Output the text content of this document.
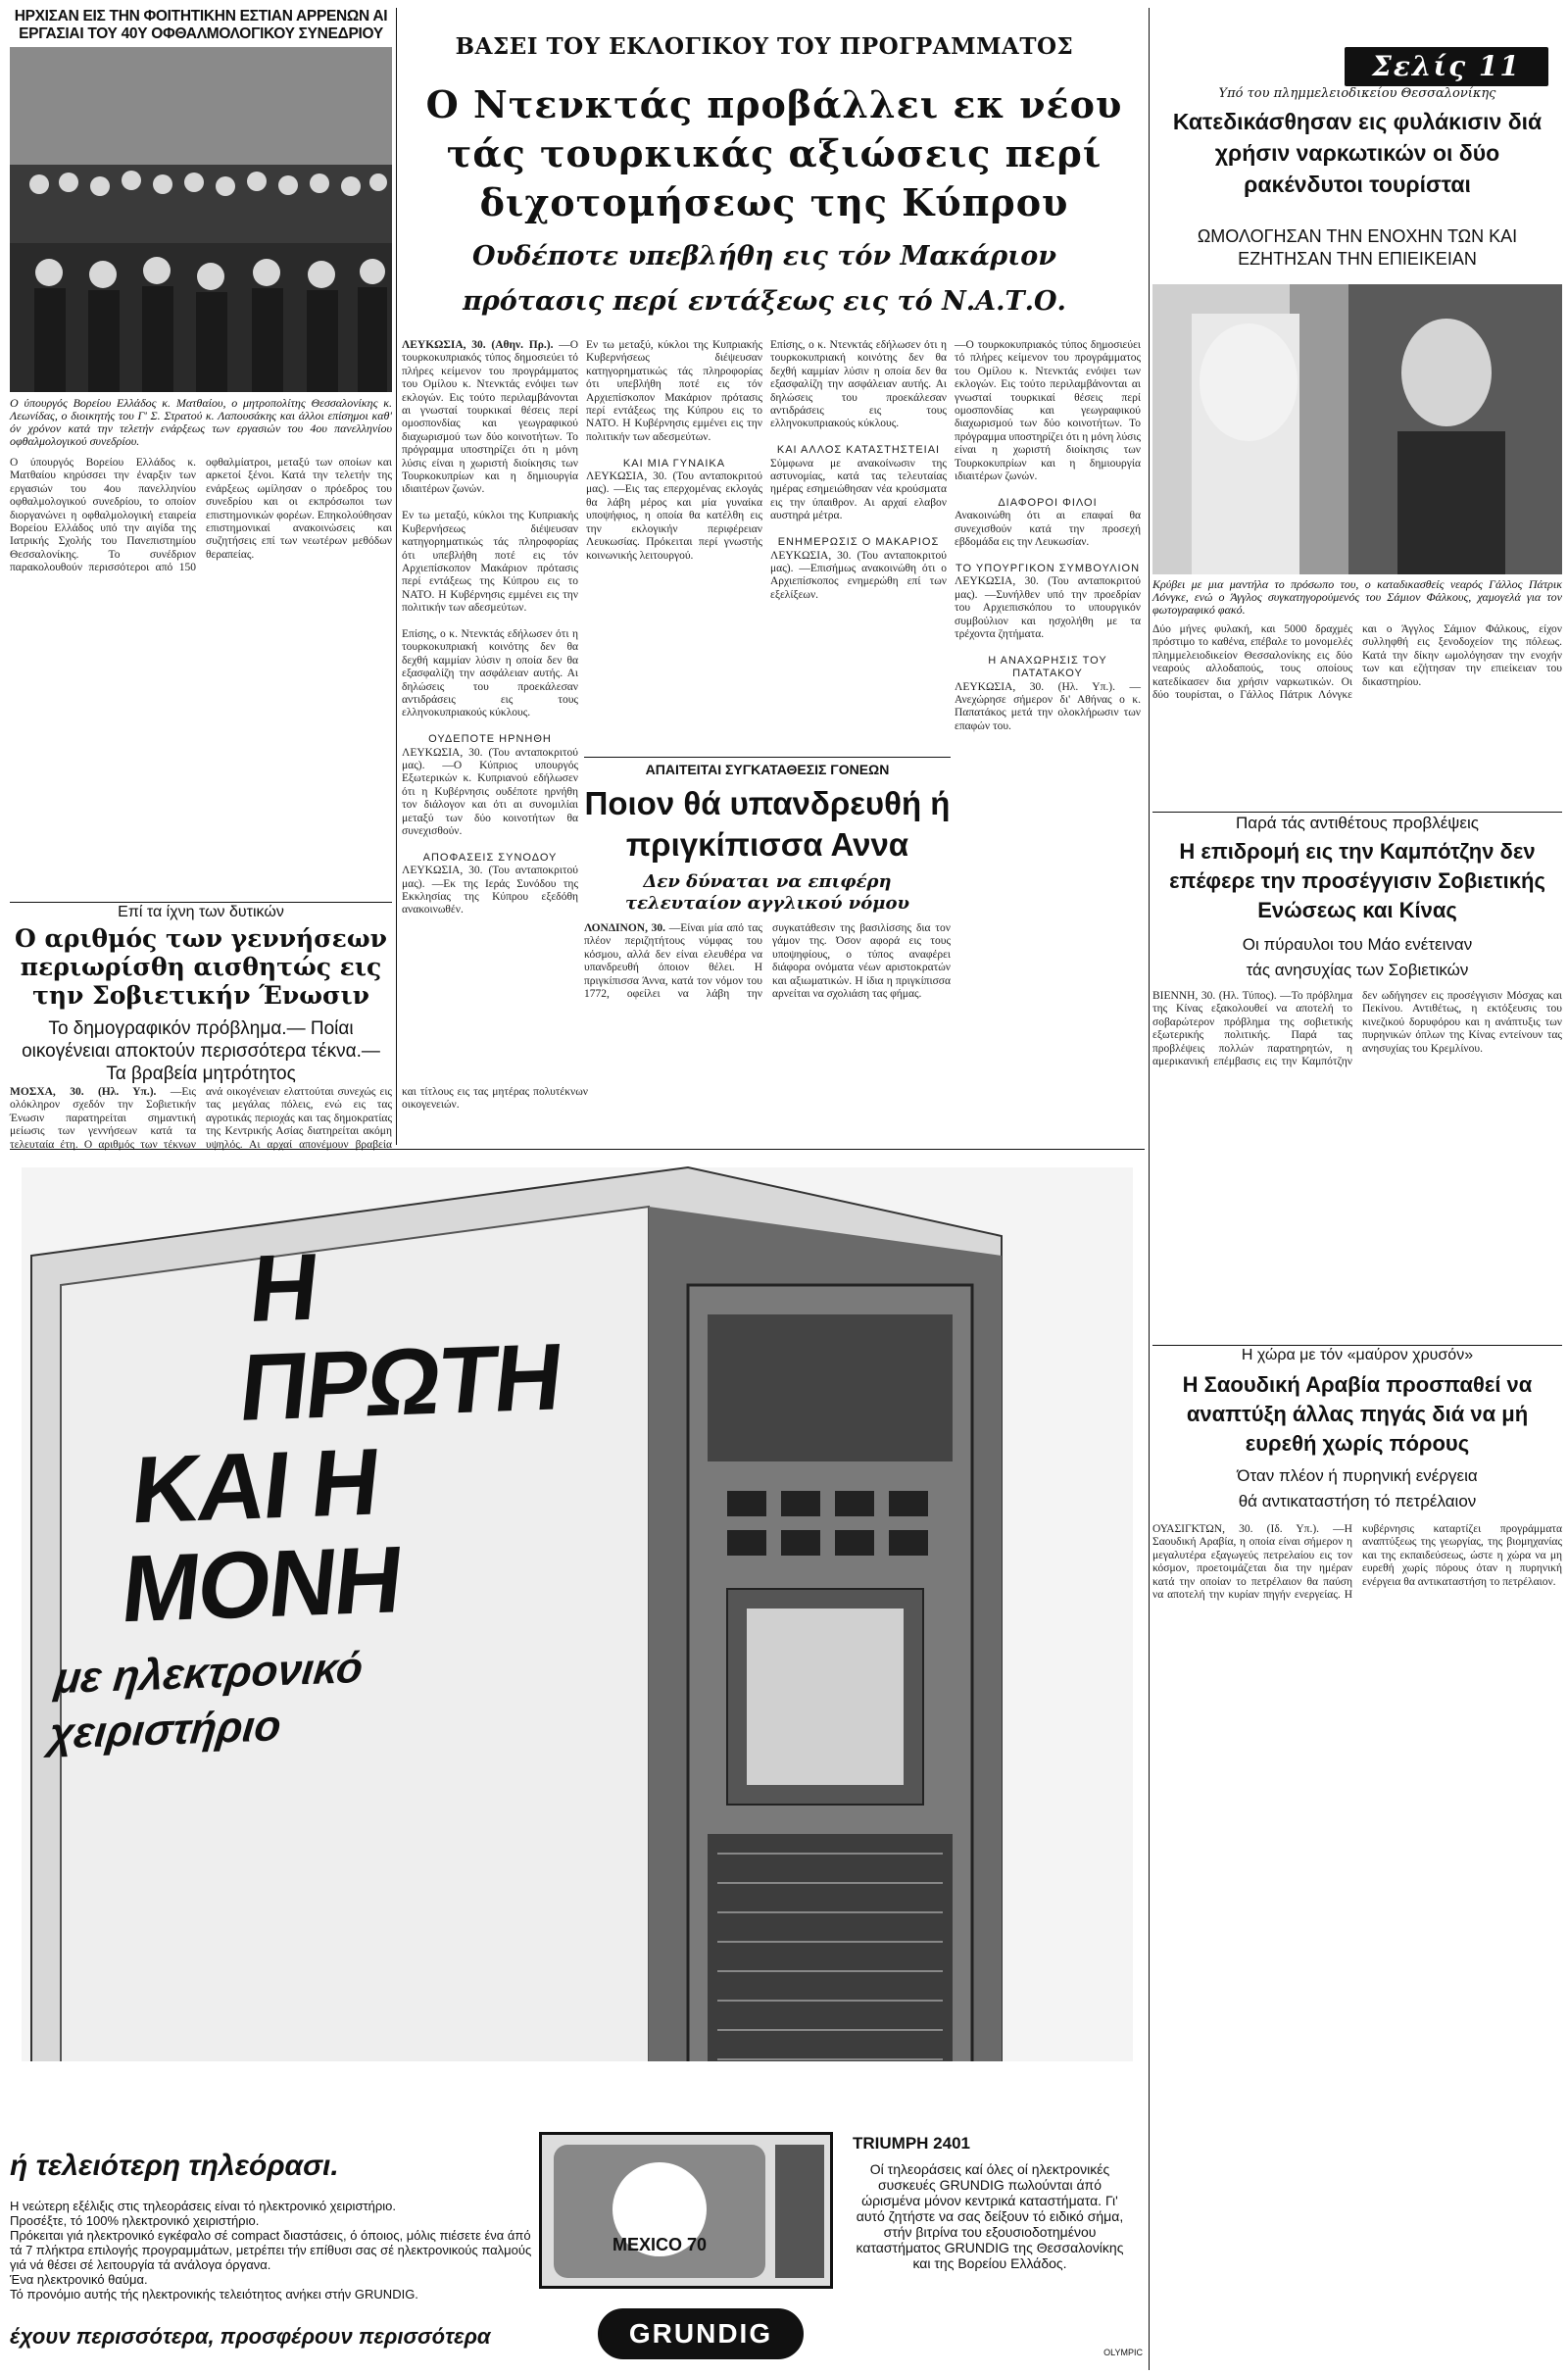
ΗΡΧΙΣΑΝ ΕΙΣ ΤΗΝ ΦΟΙΤΗΤΙΚΗΝ ΕΣΤΙΑΝ ΑΡΡΕΝΩΝ ΑΙ ΕΡΓΑΣΙΑΙ ΤΟΥ 40Υ ΟΦΘΑΛΜΟΛΟΓΙΚΟΥ ΣΥΝΕΔΡΙΟΥ
Ο ύπουργός Βορείου Ελλάδος κ. Ματθαίου, ο μητροπολίτης Θεσσαλονίκης κ. Λεωνίδας, ο διοικητής του Γ' Σ. Στρατού κ. Λαπουσάκης και άλλοι επίσημοι καθ' όν χρόνον κατά την τελετήν ενάρξεως των εργασιών του 4ου πανελληνίου οφθαλμολογικού συνεδρίου.
Ο ύπουργός Βορείου Ελλάδος κ. Ματθαίου κηρύσσει την έναρξιν των εργασιών του 4ου πανελληνίου οφθαλμολογικού συνεδρίου, το οποίον διοργανώνει η οφθαλμολογική εταιρεία Βορείου Ελλάδος υπό την αιγίδα της Ιατρικής Σχολής του Πανεπιστημίου Θεσσαλονίκης. Το συνέδριον παρακολουθούν περισσότεροι από 150 οφθαλμίατροι, μεταξύ των οποίων και αρκετοί ξένοι. Κατά την τελετήν της ενάρξεως ωμίλησαν ο πρόεδρος του συνεδρίου και οι εκπρόσωποι των επιστημονικών φορέων. Επηκολούθησαν επιστημονικαί ανακοινώσεις και συζητήσεις επί των νεωτέρων μεθόδων θεραπείας.
Επί τα ίχνη των δυτικών
Ο αριθμός των γεννήσεων περιωρίσθη αισθητώς εις την Σοβιετικήν Ένωσιν
Το δημογραφικόν πρόβλημα.— Ποίαι οικογένειαι αποκτούν περισσότερα τέκνα.— Τα βραβεία μητρότητος
ΜΟΣΧΑ, 30. (Ηλ. Υπ.). —Εις ολόκληρον σχεδόν την Σοβιετικήν Ένωσιν παρατηρείται σημαντική μείωσις των γεννήσεων κατά τα τελευταία έτη. Ο αριθμός των τέκνων ανά οικογένειαν ελαττούται συνεχώς εις τας μεγάλας πόλεις, ενώ εις τας αγροτικάς περιοχάς και τας δημοκρατίας της Κεντρικής Ασίας διατηρείται ακόμη υψηλός. Αι αρχαί απονέμουν βραβεία και τίτλους εις τας μητέρας πολυτέκνων οικογενειών.
ΒΑΣΕΙ ΤΟΥ ΕΚΛΟΓΙΚΟΥ ΤΟΥ ΠΡΟΓΡΑΜΜΑΤΟΣ
Ο Ντενκτάς προβάλλει εκ νέου τάς τουρκικάς αξιώσεις περί διχοτομήσεως της Κύπρου
Ουδέποτε υπεβλήθη εις τόν Μακάριον
πρότασις περί εντάξεως εις τό Ν.Α.Τ.Ο.
ΛΕΥΚΩΣΙΑ, 30. (Αθην. Πρ.). —Ο τουρκοκυπριακός τύπος δημοσιεύει τό πλήρες κείμενον του προγράμματος του Ομίλου κ. Ντενκτάς ενόψει των εκλογών. Εις τούτο περιλαμβάνονται αι γνωσταί τουρκικαί θέσεις περί ομοσπονδίας και γεωγραφικού διαχωρισμού των δύο κοινοτήτων. Το πρόγραμμα υποστηρίζει ότι η μόνη λύσις είναι η χωριστή διοίκησις των Τουρκοκυπρίων και η δημιουργία ιδιαιτέρων ζωνών.

Εν τω μεταξύ, κύκλοι της Κυπριακής Κυβερνήσεως διέψευσαν κατηγορηματικώς τάς πληροφορίας ότι υπεβλήθη ποτέ εις τόν Αρχιεπίσκοπον Μακάριον πρότασις περί εντάξεως της Κύπρου εις το ΝΑΤΟ. Η Κυβέρνησις εμμένει εις την πολιτικήν των αδεσμεύτων.

Επίσης, ο κ. Ντενκτάς εδήλωσεν ότι η τουρκοκυπριακή κοινότης δεν θα δεχθή καμμίαν λύσιν η οποία δεν θα εξασφαλίζη την ασφάλειαν αυτής. Αι δηλώσεις του προεκάλεσαν αντιδράσεις εις τους ελληνοκυπριακούς κύκλους.

ΟΥΔΕΠΟΤΕ ΗΡΝΗΘΗ
ΛΕΥΚΩΣΙΑ, 30. (Του ανταποκριτού μας). —Ο Κύπριος υπουργός Εξωτερικών κ. Κυπριανού εδήλωσεν ότι η Κυβέρνησις ουδέποτε ηρνήθη τον διάλογον και ότι αι συνομιλίαι μεταξύ των δύο κοινοτήτων θα συνεχισθούν.

ΑΠΟΦΑΣΕΙΣ ΣΥΝΟΔΟΥ
ΛΕΥΚΩΣΙΑ, 30. (Του ανταποκριτού μας). —Εκ της Ιεράς Συνόδου της Εκκλησίας της Κύπρου εξεδόθη ανακοινωθέν.
Εν τω μεταξύ, κύκλοι της Κυπριακής Κυβερνήσεως διέψευσαν κατηγορηματικώς τάς πληροφορίας ότι υπεβλήθη ποτέ εις τόν Αρχιεπίσκοπον Μακάριον πρότασις περί εντάξεως της Κύπρου εις το ΝΑΤΟ. Η Κυβέρνησις εμμένει εις την πολιτικήν των αδεσμεύτων.

ΚΑΙ ΜΙΑ ΓΥΝΑΙΚΑ
ΛΕΥΚΩΣΙΑ, 30. (Του ανταποκριτού μας). —Εις τας επερχομένας εκλογάς θα λάβη μέρος και μία γυναίκα υποψήφιος, η οποία θα κατέλθη εις την εκλογικήν περιφέρειαν Λευκωσίας. Πρόκειται περί γνωστής κοινωνικής λειτουργού.
Επίσης, ο κ. Ντενκτάς εδήλωσεν ότι η τουρκοκυπριακή κοινότης δεν θα δεχθή καμμίαν λύσιν η οποία δεν θα εξασφαλίζη την ασφάλειαν αυτής. Αι δηλώσεις του προεκάλεσαν αντιδράσεις εις τους ελληνοκυπριακούς κύκλους.

ΚΑΙ ΑΛΛΟΣ ΚΑΤΑΣΤΗΣΤΕΙΑΙ
Σύμφωνα με ανακοίνωσιν της αστυνομίας, κατά τας τελευταίας ημέρας εσημειώθησαν νέα κρούσματα εις την ύπαιθρον. Αι αρχαί ελαβον αυστηρά μέτρα.

ΕΝΗΜΕΡΩΣΙΣ Ο ΜΑΚΑΡΙΟΣ
ΛΕΥΚΩΣΙΑ, 30. (Του ανταποκριτού μας). —Επισήμως ανακοινώθη ότι ο Αρχιεπίσκοπος ενημερώθη επί των εξελίξεων.
—Ο τουρκοκυπριακός τύπος δημοσιεύει τό πλήρες κείμενον του προγράμματος του Ομίλου κ. Ντενκτάς ενόψει των εκλογών. Εις τούτο περιλαμβάνονται αι γνωσταί τουρκικαί θέσεις περί ομοσπονδίας και γεωγραφικού διαχωρισμού των δύο κοινοτήτων. Το πρόγραμμα υποστηρίζει ότι η μόνη λύσις είναι η χωριστή διοίκησις των Τουρκοκυπρίων και η δημιουργία ιδιαιτέρων ζωνών.

ΔΙΑΦΟΡΟΙ ΦΙΛΟΙ
Ανακοινώθη ότι αι επαφαί θα συνεχισθούν κατά την προσεχή εβδομάδα εις την Λευκωσίαν.

ΤΟ ΥΠΟΥΡΓΙΚΟΝ ΣΥΜΒΟΥΛΙΟΝ
ΛΕΥΚΩΣΙΑ, 30. (Του ανταποκριτού μας). —Συνήλθεν υπό την προεδρίαν του Αρχιεπισκόπου το υπουργικόν συμβούλιον και ησχολήθη με τα τρέχοντα ζητήματα.

Η ΑΝΑΧΩΡΗΣΙΣ ΤΟΥ ΠΑΤΑΤΑΚΟΥ
ΛΕΥΚΩΣΙΑ, 30. (Ηλ. Υπ.). —Ανεχώρησε σήμερον δι' Αθήνας ο κ. Παπατάκος μετά την ολοκλήρωσιν των επαφών του.
ΑΠΑΙΤΕΙΤΑΙ ΣΥΓΚΑΤΑΘΕΣΙΣ ΓΟΝΕΩΝ
Ποιον θά υπανδρευθή ή πριγκίπισσα Αννα
Δεν δύναται να επιφέρη τελευταίον αγγλικού νόμου
ΛΟΝΔΙΝΟΝ, 30. —Είναι μία από τας πλέον περιζητήτους νύμφας του κόσμου, αλλά δεν είναι ελευθέρα να υπανδρευθή όποιον θέλει. Η πριγκίπισσα Άννα, κατά τον νόμον του 1772, οφείλει να λάβη την συγκατάθεσιν της βασιλίσσης δια τον γάμον της. Όσον αφορά εις τους υποψηφίους, ο τύπος αναφέρει διάφορα ονόματα νέων αριστοκρατών και αξιωματικών. Η ίδια η πριγκίπισσα αρνείται να σχολιάση τας φήμας.
Σελίς 11
Υπό του πλημμελειοδικείου Θεσσαλονίκης
Κατεδικάσθησαν εις φυλάκισιν διά χρήσιν ναρκωτικών οι δύο ρακένδυτοι τουρίσται
ΩΜΟΛΟΓΗΣΑΝ ΤΗΝ ΕΝΟΧΗΝ ΤΩΝ ΚΑΙ ΕΖΗΤΗΣΑΝ ΤΗΝ ΕΠΙΕΙΚΕΙΑΝ
Κρύβει με μια μαντήλα το πρόσωπο του, ο καταδικασθείς νεαρός Γάλλος Πάτρικ Λόνγκε, ενώ ο Άγγλος συγκατηγορούμενός του Σάμιον Φάλκους, χαμογελά για τον φωτογραφικό φακό.
Δύο μήνες φυλακή, και 5000 δραχμές πρόστιμο το καθένα, επέβαλε το μονομελές πλημμελειοδικείον Θεσσαλονίκης εις δύο νεαρούς αλλοδαπούς, τους οποίους κατεδίκασεν δια χρήσιν ναρκωτικών. Οι δύο τουρίσται, ο Γάλλος Πάτρικ Λόνγκε και ο Άγγλος Σάμιον Φάλκους, είχον συλληφθή εις ξενοδοχείον της πόλεως. Κατά την δίκην ωμολόγησαν την ενοχήν των και εζήτησαν την επιείκειαν του δικαστηρίου.
Παρά τάς αντιθέτους προβλέψεις
Η επιδρομή εις την Καμπότζην δεν επέφερε την προσέγγισιν Σοβιετικής Ενώσεως και Κίνας
Οι πύραυλοι του Μάο ενέτειναν
τάς ανησυχίας των Σοβιετικών
ΒΙΕΝΝΗ, 30. (Ηλ. Τύπος). —Το πρόβλημα της Κίνας εξακολουθεί να αποτελή το σοβαρώτερον πρόβλημα της σοβιετικής εξωτερικής πολιτικής. Παρά τας προβλέψεις πολλών παρατηρητών, η αμερικανική επέμβασις εις την Καμπότζην δεν ωδήγησεν εις προσέγγισιν Μόσχας και Πεκίνου. Αντιθέτως, η εκτόξευσις του κινεζικού δορυφόρου και η ανάπτυξις των πυρηνικών όπλων της Κίνας εντείνουν τας ανησυχίας του Κρεμλίνου.
Η χώρα με τόν «μαύρον χρυσόν»
Η Σαουδική Αραβία προσπαθεί να αναπτύξη άλλας πηγάς διά να μή ευρεθή χωρίς πόρους
Όταν πλέον ή πυρηνική ενέργεια
θά αντικαταστήση τό πετρέλαιον
ΟΥΑΣΙΓΚΤΩΝ, 30. (Ιδ. Υπ.). —Η Σαουδική Αραβία, η οποία είναι σήμερον η μεγαλυτέρα εξαγωγεύς πετρελαίου εις τον κόσμον, προετοιμάζεται δια την ημέραν κατά την οποίαν το πετρέλαιον θα παύση να αποτελή την κυρίαν πηγήν ενεργείας. Η κυβέρνησις καταρτίζει προγράμματα αναπτύξεως της γεωργίας, της βιομηχανίας και της εκπαιδεύσεως, ώστε η χώρα να μη ευρεθή χωρίς πόρους όταν η πυρηνική ενέργεια θα αντικαταστήση το πετρέλαιον.
Η ΠΡΩΤΗ
ΚΑΙ Η ΜΟΝΗ
με ηλεκτρονικό χειριστήριο
ή τελειότερη τηλεόρασι.
Η νεώτερη εξέλιξις στις τηλεοράσεις είναι τό ηλεκτρονικό χειριστήριο.
Προσέξτε, τό 100% ηλεκτρονικό χειριστήριο.
Πρόκειται γιά ηλεκτρονικό εγκέφαλο σέ compact διαστάσεις, ό όποιος, μόλις πιέσετε ένα άπό τά 7 πλήκτρα επιλογής προγραμμάτων, μετρέπει τήν επίθυσι σας σέ ηλεκτρονικούς παλμούς γιά νά θέσει σέ λειτουργία τά ανάλογα όργανα.
Ένα ηλεκτρονικό θαύμα.
Τό προνόμιο αυτής τής ηλεκτρονικής τελειότητος ανήκει στήν GRUNDIG.
MEXICO 70
TRIUMPH 2401
Οί τηλεοράσεις καί όλες οί ηλεκτρονικές συσκευές GRUNDIG πωλούνται άπό ώρισμένα μόνον κεντρικά καταστήματα. Γι' αυτό ζητήστε να σας δείξουν τό ειδικό σήμα, στήν βιτρίνα του εξουσιοδοτημένου καταστήματος GRUNDIG της Θεσσαλονίκης και της Βορείου Ελλάδος.
έχουν περισσότερα, προσφέρουν περισσότερα	GRUNDIG
OLYMPIC
